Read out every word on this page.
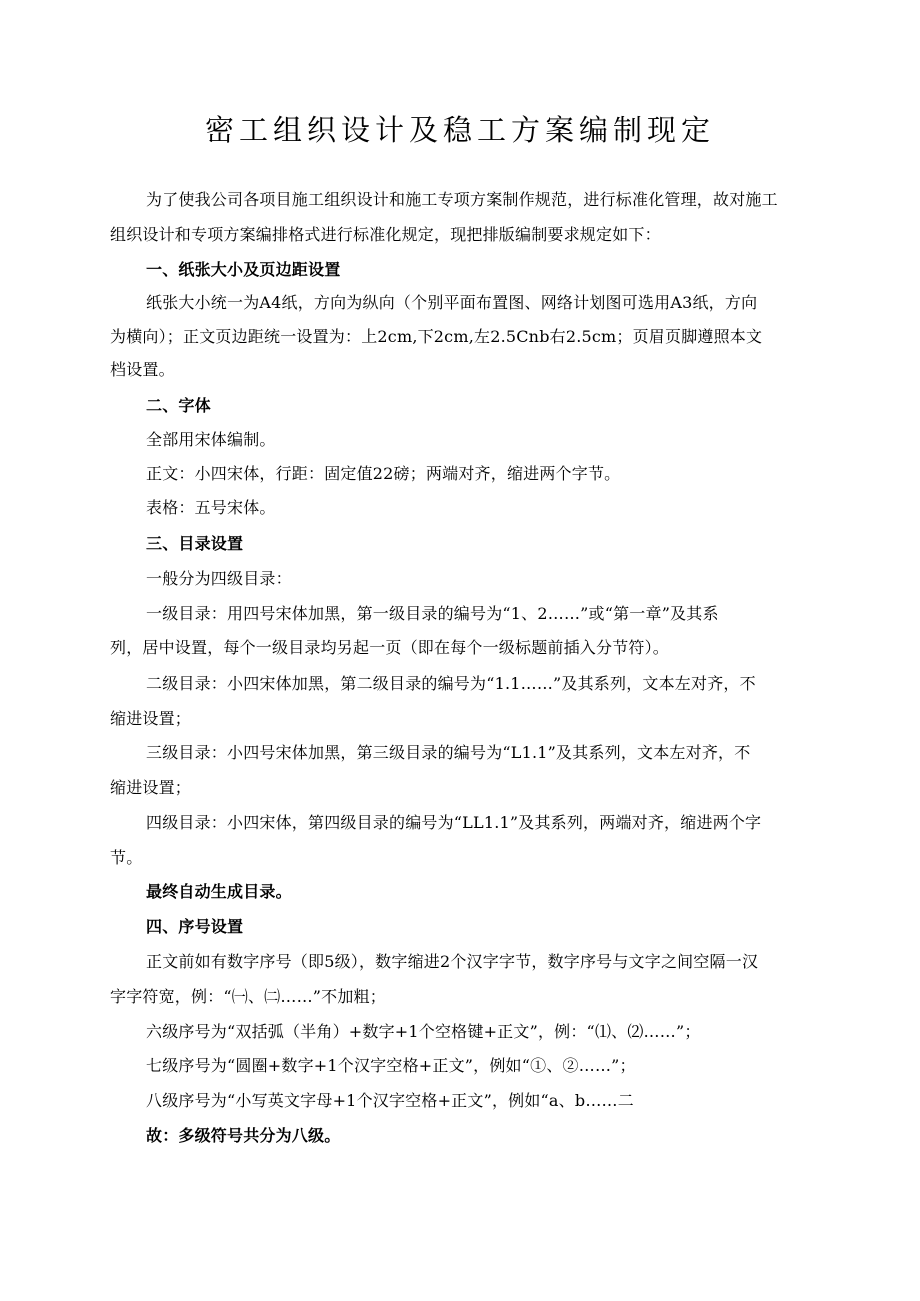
密工组织设计及稳工方案编制现定
为了使我公司各项目施工组织设计和施工专项方案制作规范，进行标准化管理，故对施工
组织设计和专项方案编排格式进行标准化规定，现把排版编制要求规定如下：
一、纸张大小及页边距设置
纸张大小统一为A4纸，方向为纵向（个别平面布置图、网络计划图可选用A3纸，方向
为横向）；正文页边距统一设置为：上2cm,下2cm,左2.5Cnb右2.5cm；页眉页脚遵照本文
档设置。
二、字体
全部用宋体编制。
正文：小四宋体，行距：固定值22磅；两端对齐，缩进两个字节。
表格：五号宋体。
三、目录设置
一般分为四级目录：
一级目录：用四号宋体加黑，第一级目录的编号为“1、2……”或“第一章”及其系
列，居中设置，每个一级目录均另起一页（即在每个一级标题前插入分节符）。
二级目录：小四宋体加黑，第二级目录的编号为“1.1……”及其系列，文本左对齐，不
缩进设置；
三级目录：小四号宋体加黑，第三级目录的编号为“L1.1”及其系列，文本左对齐，不
缩进设置；
四级目录：小四宋体，第四级目录的编号为“LL1.1”及其系列，两端对齐，缩进两个字
节。
最终自动生成目录。
四、序号设置
正文前如有数字序号（即5级），数字缩进2个汉字字节，数字序号与文字之间空隔一汉
字字符宽，例：“㈠、㈡……”不加粗；
六级序号为“双括弧（半角）+数字+1个空格键+正文”，例：“⑴、⑵……”；
七级序号为“圆圈+数字+1个汉字空格+正文”，例如“①、②……”；
八级序号为“小写英文字母+1个汉字空格+正文”，例如“a、b……二
故：多级符号共分为八级。
